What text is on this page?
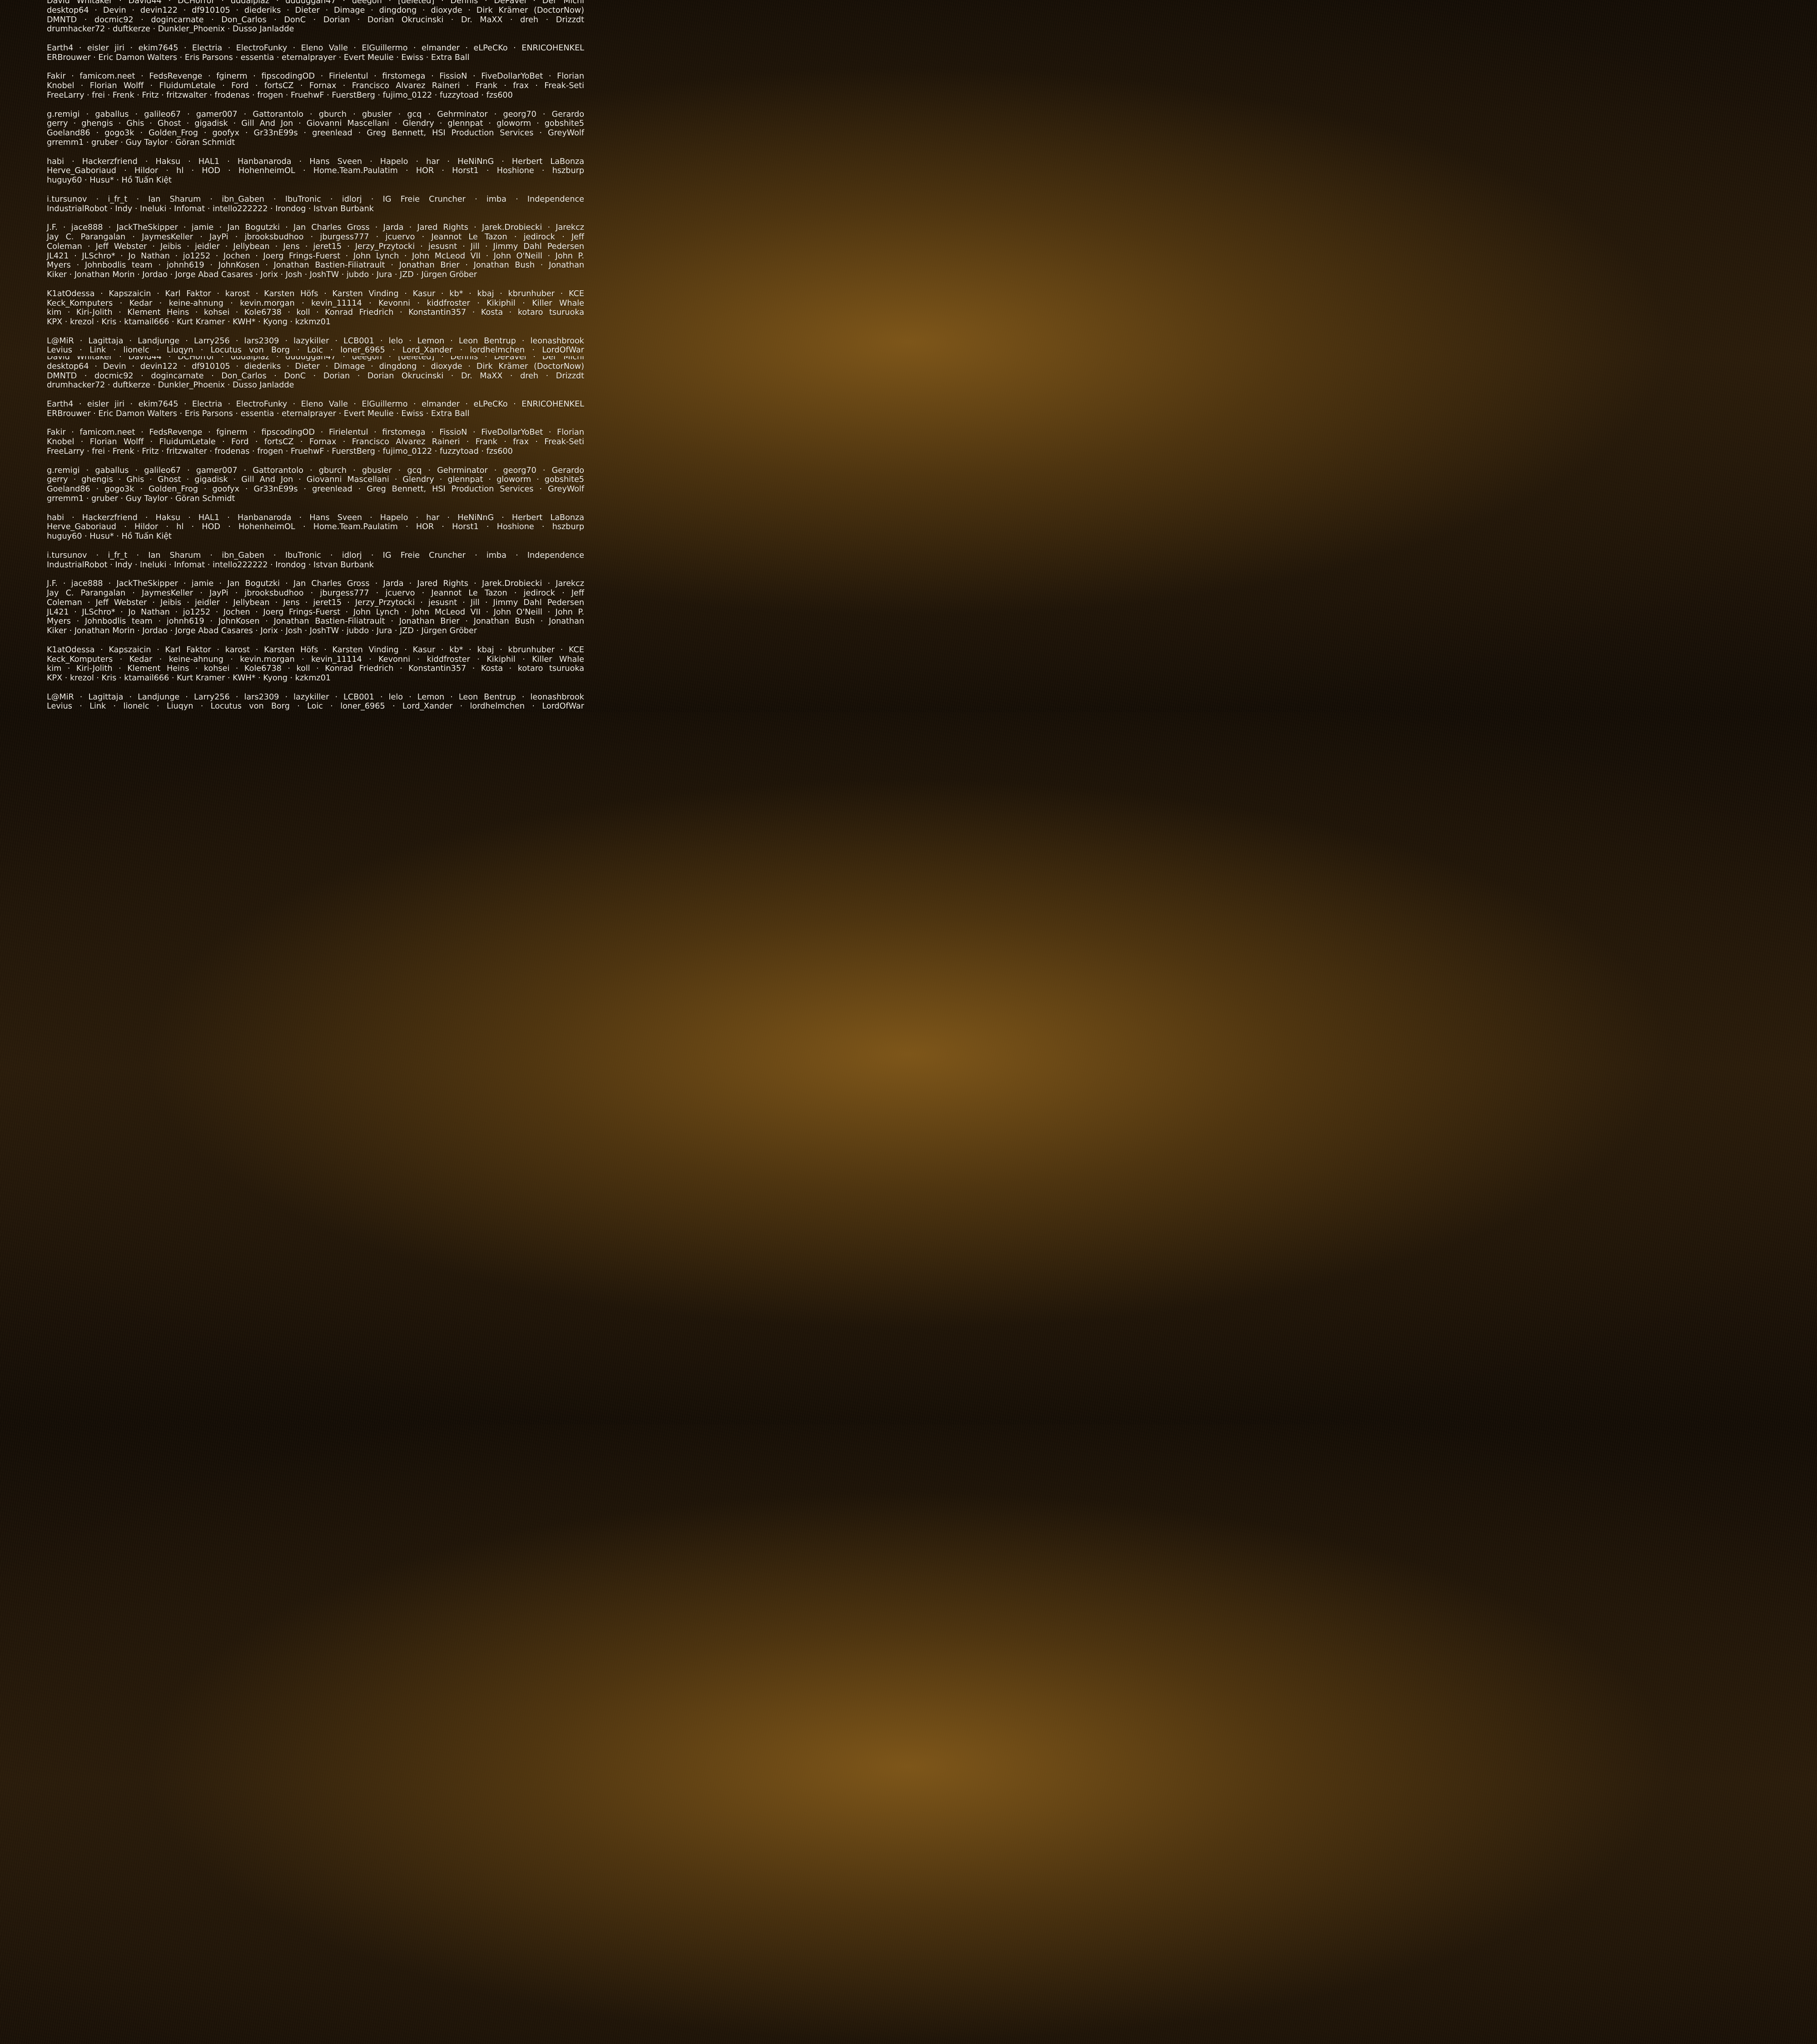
David Whitaker · David44 · DCHorror · dddalpiaz · ddduggan47 · deegon · [deleted] · Dennis · DePavel · Der Michl
desktop64 · Devin · devin122 · df910105 · diederiks · Dieter · Dimage · dingdong · dioxyde · Dirk Krämer (DoctorNow)
DMNTD · docmic92 · dogincarnate · Don_Carlos · DonC · Dorian · Dorian Okrucinski · Dr. MaXX · dreh · Drizzdt
drumhacker72 · duftkerze · Dunkler_Phoenix · Dusso Janladde
Earth4 · eisler jiri · ekim7645 · Electria · ElectroFunky · Eleno Valle · ElGuillermo · elmander · eLPeCKo · ENRICOHENKEL
ERBrouwer · Eric Damon Walters · Eris Parsons · essentia · eternalprayer · Evert Meulie · Ewiss · Extra Ball
Fakir · famicom.neet · FedsRevenge · fginerm · fipscodingOD · Firielentul · firstomega · FissioN · FiveDollarYoBet · Florian
Knobel · Florian Wolff · FluidumLetale · Ford · fortsCZ · Fornax · Francisco Alvarez Raineri · Frank · frax · Freak-Seti
FreeLarry · frei · Frenk · Fritz · fritzwalter · frodenas · frogen · FruehwF · FuerstBerg · fujimo_0122 · fuzzytoad · fzs600
g.remigi · gaballus · galileo67 · gamer007 · Gattorantolo · gburch · gbusler · gcq · Gehrminator · georg70 · Gerardo
gerry · ghengis · Ghis · Ghost · gigadisk · Gill And Jon · Giovanni Mascellani · Glendry · glennpat · gloworm · gobshite5
Goeland86 · gogo3k · Golden_Frog · goofyx · Gr33nE99s · greenlead · Greg Bennett, HSI Production Services · GreyWolf
grremm1 · gruber · Guy Taylor · Göran Schmidt
habi · Hackerzfriend · Haksu · HAL1 · Hanbanaroda · Hans Sveen · Hapelo · har · HeNiNnG · Herbert LaBonza
Herve_Gaboriaud · Hildor · hl · HOD · HohenheimOL · Home.Team.Paulatim · HOR · Horst1 · Hoshione · hszburp
huguy60 · Husu* · Hồ Tuấn Kiệt
i.tursunov · i_fr_t · Ian Sharum · ibn_Gaben · IbuTronic · idlorj · IG Freie Cruncher · imba · Independence
IndustrialRobot · Indy · Ineluki · Infomat · intello222222 · Irondog · Istvan Burbank
J.F. · jace888 · JackTheSkipper · jamie · Jan Bogutzki · Jan Charles Gross · Jarda · Jared Rights · Jarek.Drobiecki · Jarekcz
Jay C. Parangalan · JaymesKeller · JayPi · jbrooksbudhoo · jburgess777 · jcuervo · Jeannot Le Tazon · jedirock · Jeff
Coleman · Jeff Webster · Jeibis · jeidler · Jellybean · Jens · jeret15 · Jerzy_Przytocki · jesusnt · Jill · Jimmy Dahl Pedersen
JL421 · JLSchro* · Jo Nathan · jo1252 · Jochen · Joerg Frings-Fuerst · John Lynch · John McLeod VII · John O'Neill · John P.
Myers · Johnbodlis team · johnh619 · JohnKosen · Jonathan Bastien-Filiatrault · Jonathan Brier · Jonathan Bush · Jonathan
Kiker · Jonathan Morin · Jordao · Jorge Abad Casares · Jorix · Josh · JoshTW · jubdo · Jura · JZD · Jürgen Gröber
K1atOdessa · Kapszaicin · Karl Faktor · karost · Karsten Höfs · Karsten Vinding · Kasur · kb* · kbaj · kbrunhuber · KCE
Keck_Komputers · Kedar · keine-ahnung · kevin.morgan · kevin_11114 · Kevonni · kiddfroster · Kikiphil · Killer Whale
kim · Kiri-Jolith · Klement Heins · kohsei · Kole6738 · koll · Konrad Friedrich · Konstantin357 · Kosta · kotaro tsuruoka
KPX · krezol · Kris · ktamail666 · Kurt Kramer · KWH* · Kyong · kzkmz01
L@MiR · Lagittaja · Landjunge · Larry256 · lars2309 · lazykiller · LCB001 · lelo · Lemon · Leon Bentrup · leonashbrook
Levius · Link · lionelc · Liuqyn · Locutus von Borg · Loic · loner_6965 · Lord_Xander · lordhelmchen · LordOfWar
David Whitaker · David44 · DCHorror · dddalpiaz · ddduggan47 · deegon · [deleted] · Dennis · DePavel · Der Michl
desktop64 · Devin · devin122 · df910105 · diederiks · Dieter · Dimage · dingdong · dioxyde · Dirk Krämer (DoctorNow)
DMNTD · docmic92 · dogincarnate · Don_Carlos · DonC · Dorian · Dorian Okrucinski · Dr. MaXX · dreh · Drizzdt
drumhacker72 · duftkerze · Dunkler_Phoenix · Dusso Janladde
Earth4 · eisler jiri · ekim7645 · Electria · ElectroFunky · Eleno Valle · ElGuillermo · elmander · eLPeCKo · ENRICOHENKEL
ERBrouwer · Eric Damon Walters · Eris Parsons · essentia · eternalprayer · Evert Meulie · Ewiss · Extra Ball
Fakir · famicom.neet · FedsRevenge · fginerm · fipscodingOD · Firielentul · firstomega · FissioN · FiveDollarYoBet · Florian
Knobel · Florian Wolff · FluidumLetale · Ford · fortsCZ · Fornax · Francisco Alvarez Raineri · Frank · frax · Freak-Seti
FreeLarry · frei · Frenk · Fritz · fritzwalter · frodenas · frogen · FruehwF · FuerstBerg · fujimo_0122 · fuzzytoad · fzs600
g.remigi · gaballus · galileo67 · gamer007 · Gattorantolo · gburch · gbusler · gcq · Gehrminator · georg70 · Gerardo
gerry · ghengis · Ghis · Ghost · gigadisk · Gill And Jon · Giovanni Mascellani · Glendry · glennpat · gloworm · gobshite5
Goeland86 · gogo3k · Golden_Frog · goofyx · Gr33nE99s · greenlead · Greg Bennett, HSI Production Services · GreyWolf
grremm1 · gruber · Guy Taylor · Göran Schmidt
habi · Hackerzfriend · Haksu · HAL1 · Hanbanaroda · Hans Sveen · Hapelo · har · HeNiNnG · Herbert LaBonza
Herve_Gaboriaud · Hildor · hl · HOD · HohenheimOL · Home.Team.Paulatim · HOR · Horst1 · Hoshione · hszburp
huguy60 · Husu* · Hồ Tuấn Kiệt
i.tursunov · i_fr_t · Ian Sharum · ibn_Gaben · IbuTronic · idlorj · IG Freie Cruncher · imba · Independence
IndustrialRobot · Indy · Ineluki · Infomat · intello222222 · Irondog · Istvan Burbank
J.F. · jace888 · JackTheSkipper · jamie · Jan Bogutzki · Jan Charles Gross · Jarda · Jared Rights · Jarek.Drobiecki · Jarekcz
Jay C. Parangalan · JaymesKeller · JayPi · jbrooksbudhoo · jburgess777 · jcuervo · Jeannot Le Tazon · jedirock · Jeff
Coleman · Jeff Webster · Jeibis · jeidler · Jellybean · Jens · jeret15 · Jerzy_Przytocki · jesusnt · Jill · Jimmy Dahl Pedersen
JL421 · JLSchro* · Jo Nathan · jo1252 · Jochen · Joerg Frings-Fuerst · John Lynch · John McLeod VII · John O'Neill · John P.
Myers · Johnbodlis team · johnh619 · JohnKosen · Jonathan Bastien-Filiatrault · Jonathan Brier · Jonathan Bush · Jonathan
Kiker · Jonathan Morin · Jordao · Jorge Abad Casares · Jorix · Josh · JoshTW · jubdo · Jura · JZD · Jürgen Gröber
K1atOdessa · Kapszaicin · Karl Faktor · karost · Karsten Höfs · Karsten Vinding · Kasur · kb* · kbaj · kbrunhuber · KCE
Keck_Komputers · Kedar · keine-ahnung · kevin.morgan · kevin_11114 · Kevonni · kiddfroster · Kikiphil · Killer Whale
kim · Kiri-Jolith · Klement Heins · kohsei · Kole6738 · koll · Konrad Friedrich · Konstantin357 · Kosta · kotaro tsuruoka
KPX · krezol · Kris · ktamail666 · Kurt Kramer · KWH* · Kyong · kzkmz01
L@MiR · Lagittaja · Landjunge · Larry256 · lars2309 · lazykiller · LCB001 · lelo · Lemon · Leon Bentrup · leonashbrook
Levius · Link · lionelc · Liuqyn · Locutus von Borg · Loic · loner_6965 · Lord_Xander · lordhelmchen · LordOfWar
